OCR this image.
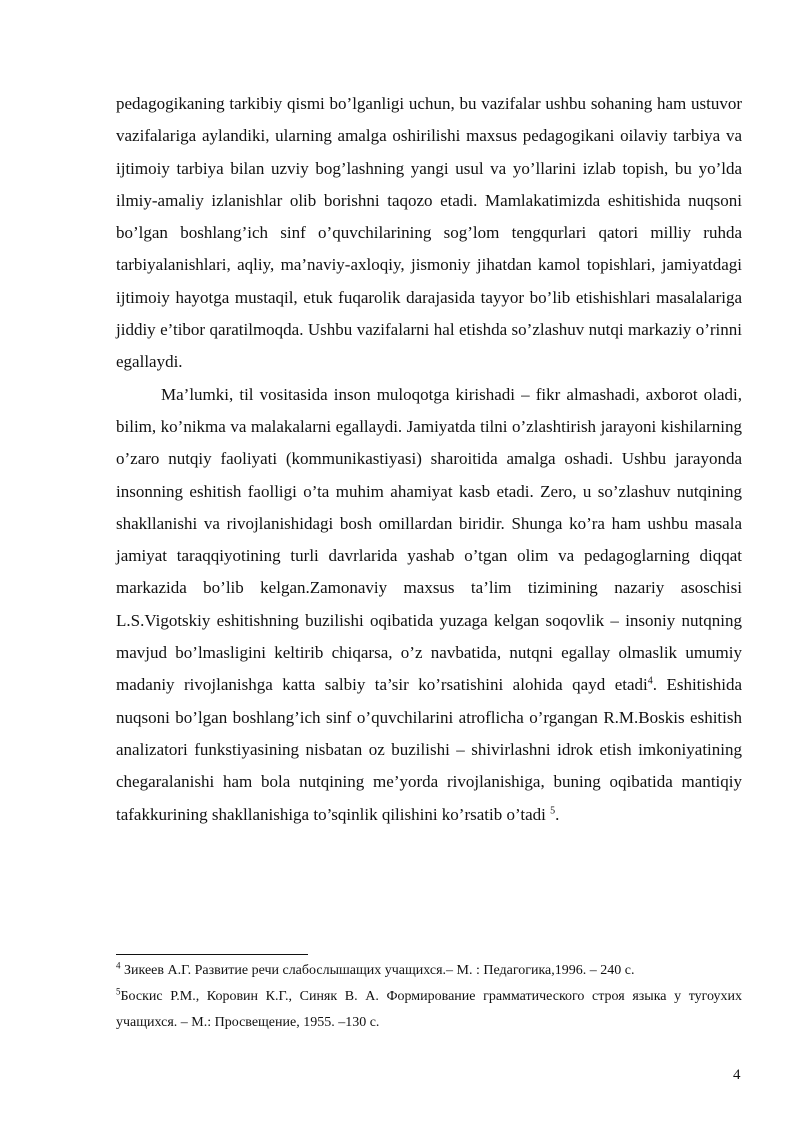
pedagogikaning tarkibiy qismi bo’lganligi uchun, bu vazifalar ushbu sohaning ham ustuvor vazifalariga aylandiki, ularning amalga oshirilishi maxsus pedagogikani oilaviy tarbiya va ijtimoiy tarbiya bilan uzviy bog’lashning yangi usul va yo’llarini izlab topish, bu yo’lda ilmiy-amaliy izlanishlar olib borishni taqozo etadi. Mamlakatimizda eshitishida nuqsoni bo’lgan boshlang’ich sinf o’quvchilarining sog’lom tengqurlari qatori milliy ruhda tarbiyalanishlari, aqliy, ma’naviy-axloqiy, jismoniy jihatdan kamol topishlari, jamiyatdagi ijtimoiy hayotga mustaqil, etuk fuqarolik darajasida tayyor bo’lib etishishlari masalalariga jiddiy e’tibor qaratilmoqda. Ushbu vazifalarni hal etishda so’zlashuv nutqi markaziy o’rinni egallaydi.

Ma’lumki, til vositasida inson muloqotga kirishadi – fikr almashadi, axborot oladi, bilim, ko’nikma va malakalarni egallaydi. Jamiyatda tilni o’zlashtirish jarayoni kishilarning o’zaro nutqiy faoliyati (kommunikastiyasi) sharoitida amalga oshadi. Ushbu jarayonda insonning eshitish faolligi o’ta muhim ahamiyat kasb etadi. Zero, u so’zlashuv nutqining shakllanishi va rivojlanishidagi bosh omillardan biridir. Shunga ko’ra ham ushbu masala jamiyat taraqqiyotining turli davrlarida yashab o’tgan olim va pedagoglarning diqqat markazida bo’lib kelgan.Zamonaviy maxsus ta’lim tizimining nazariy asoschisi L.S.Vigotskiy eshitishning buzilishi oqibatida yuzaga kelgan soqovlik – insoniy nutqning mavjud bo’lmasligini keltirib chiqarsa, o’z navbatida, nutqni egallay olmaslik umumiy madaniy rivojlanishga katta salbiy ta’sir ko’rsatishini alohida qayd etadi$^4$. Eshitishida nuqsoni bo’lgan boshlang’ich sinf o’quvchilarini atroflicha o’rgangan R.M.Boskis eshitish analizatori funkstiyasining nisbatan oz buzilishi – shivirlashni idrok etish imkoniyatining chegaralanishi ham bola nutqining me’yorda rivojlanishiga, buning oqibatida mantiqiy tafakkurining shakllanishiga to’sqinlik qilishini ko’rsatib o’tadi $^5$.

$^4$ Зикеев А.Г. Развитие речи слабослышащих учащихся.– М. : Педагогика,1996. – 240 с.

$^5$Боскис Р.М., Коровин К.Г., Синяк В. А. Формирование грамматического строя языка у тугоухих учащихся. – М.: Просвещение, 1955. –130 с.

4
